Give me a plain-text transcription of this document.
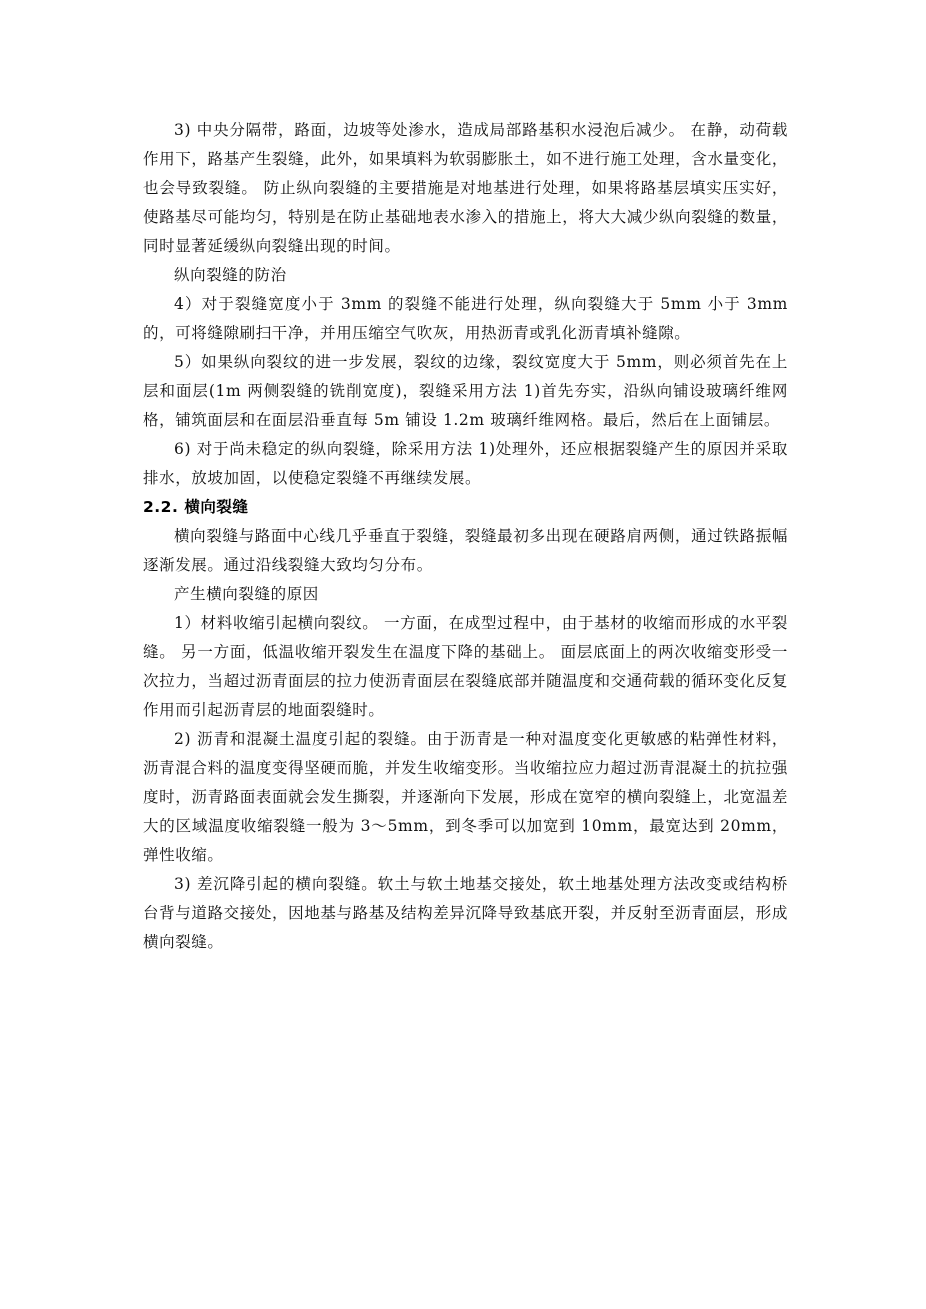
3) 中央分隔带，路面，边坡等处渗水，造成局部路基积水浸泡后减少。 在静，动荷载作用下，路基产生裂缝，此外，如果填料为软弱膨胀土，如不进行施工处理，含水量变化，也会导致裂缝。 防止纵向裂缝的主要措施是对地基进行处理，如果将路基层填实压实好，使路基尽可能均匀，特别是在防止基础地表水渗入的措施上，将大大减少纵向裂缝的数量，同时显著延缓纵向裂缝出现的时间。

纵向裂缝的防治

4）对于裂缝宽度小于 3mm 的裂缝不能进行处理，纵向裂缝大于 5mm 小于 3mm的，可将缝隙刷扫干净，并用压缩空气吹灰，用热沥青或乳化沥青填补缝隙。

5）如果纵向裂纹的进一步发展，裂纹的边缘，裂纹宽度大于 5mm，则必须首先在上层和面层(1m 两侧裂缝的铣削宽度)，裂缝采用方法 1)首先夯实，沿纵向铺设玻璃纤维网格，铺筑面层和在面层沿垂直每 5m 铺设 1.2m 玻璃纤维网格。最后，然后在上面铺层。

6) 对于尚未稳定的纵向裂缝，除采用方法 1)处理外，还应根据裂缝产生的原因并采取排水，放坡加固，以使稳定裂缝不再继续发展。

2.2. 横向裂缝

横向裂缝与路面中心线几乎垂直于裂缝，裂缝最初多出现在硬路肩两侧，通过铁路振幅逐渐发展。通过沿线裂缝大致均匀分布。

产生横向裂缝的原因

1）材料收缩引起横向裂纹。 一方面，在成型过程中，由于基材的收缩而形成的水平裂缝。 另一方面，低温收缩开裂发生在温度下降的基础上。 面层底面上的两次收缩变形受一次拉力，当超过沥青面层的拉力使沥青面层在裂缝底部并随温度和交通荷载的循环变化反复作用而引起沥青层的地面裂缝时。

2) 沥青和混凝土温度引起的裂缝。由于沥青是一种对温度变化更敏感的粘弹性材料，沥青混合料的温度变得坚硬而脆，并发生收缩变形。当收缩拉应力超过沥青混凝土的抗拉强度时，沥青路面表面就会发生撕裂，并逐渐向下发展，形成在宽窄的横向裂缝上，北宽温差大的区域温度收缩裂缝一般为 3～5mm，到冬季可以加宽到 10mm，最宽达到 20mm，弹性收缩。

3) 差沉降引起的横向裂缝。软土与软土地基交接处，软土地基处理方法改变或结构桥台背与道路交接处，因地基与路基及结构差异沉降导致基底开裂，并反射至沥青面层，形成横向裂缝。
